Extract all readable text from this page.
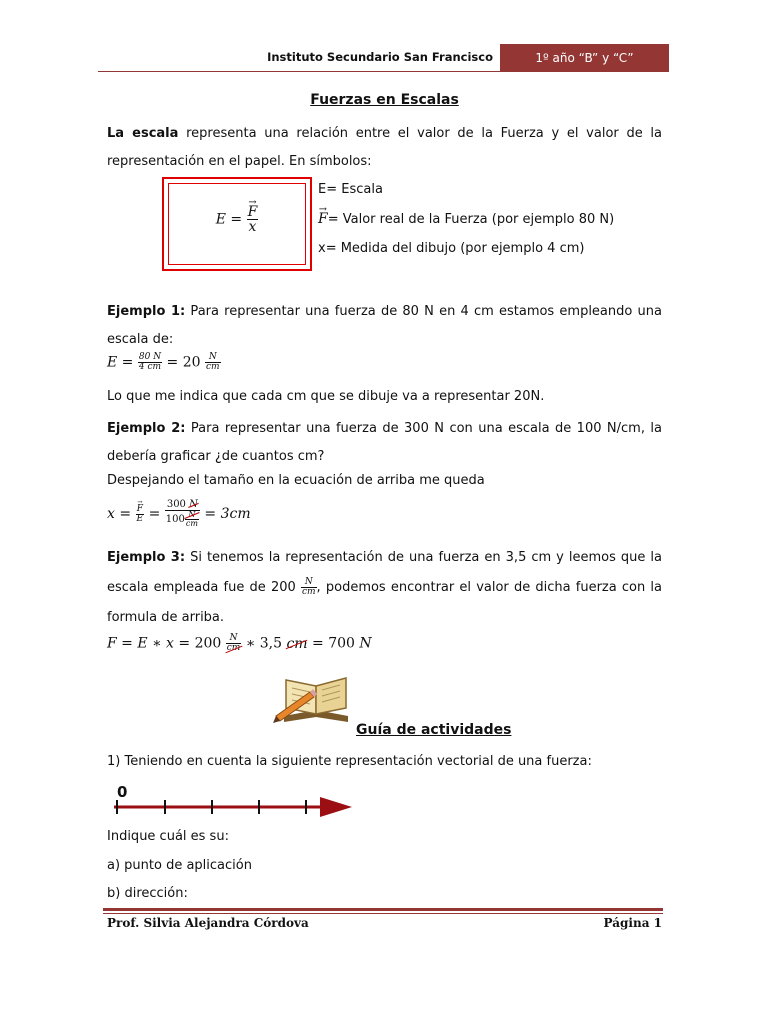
Instituto Secundario San Francisco	1º año “B” y “C”
Fuerzas en Escalas
La escala representa una relación entre el valor de la Fuerza y el valor de la representación en el papel. En símbolos:
E = → $\frac{F}{x}$
E= Escala
→ F= Valor real de la Fuerza (por ejemplo 80 N)
x= Medida del dibujo (por ejemplo 4 cm)
Ejemplo 1: Para representar una fuerza de 80 N en 4 cm estamos empleando una escala de:
$E = \frac{80 N}{4 cm} = 20 \frac{N}{cm}$
Lo que me indica que cada cm que se dibuje va a representar 20N.
Ejemplo 2: Para representar una fuerza de 300 N con una escala de 100 N/cm, la debería graficar ¿de cuantos cm?
Despejando el tamaño en la ecuación de arriba me queda
x = → $\frac{F}{E} = \frac{300 N}{100 \frac{N}{cm}} = 3cm$
Ejemplo 3: Si tenemos la representación de una fuerza en 3,5 cm y leemos que la escala empleada fue de $200 \frac{N}{cm}$ , podemos encontrar el valor de dicha fuerza con la formula de arriba.
F = E ∗ $x = 200 \frac{N}{cm}$ ∗ 3,5 cm = 700 N
Guía de actividades
1) Teniendo en cuenta la siguiente representación vectorial de una fuerza:
0
Indique cuál es su:
a) punto de aplicación
b) dirección:
Prof. Silvia Alejandra Córdova	Página 1
